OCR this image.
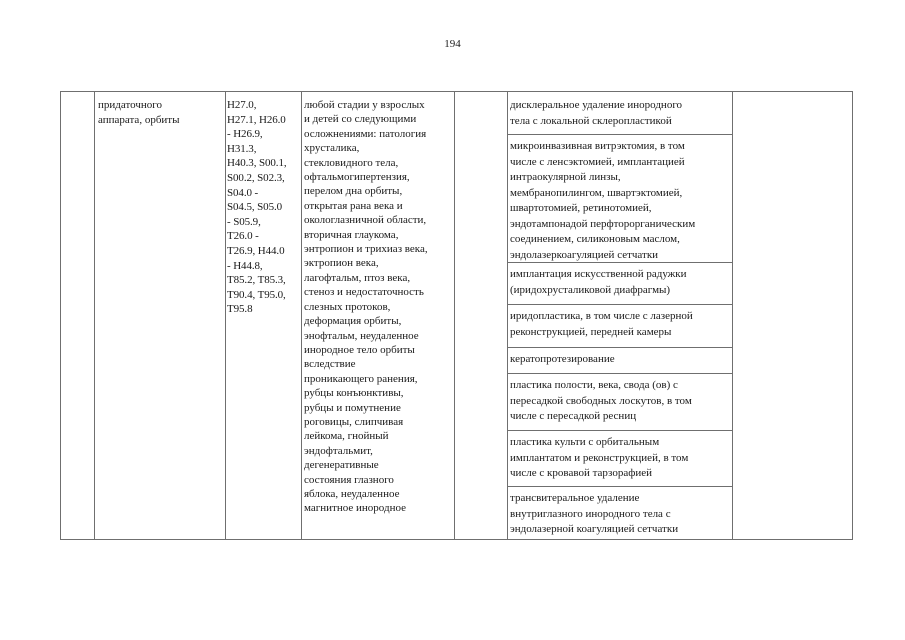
194

придаточного
аппарата, орбиты

H27.0,
H27.1, H26.0
- H26.9,
H31.3,
H40.3, S00.1,
S00.2, S02.3,
S04.0 -
S04.5, S05.0
- S05.9,
T26.0 -
T26.9, H44.0
- H44.8,
T85.2, T85.3,
T90.4, T95.0,
T95.8

любой стадии у взрослых
и детей со следующими
осложнениями: патология
хрусталика,
стекловидного тела,
офтальмогипертензия,
перелом дна орбиты,
открытая рана века и
окологлазничной области,
вторичная глаукома,
энтропион и трихиаз века,
эктропион века,
лагофтальм, птоз века,
стеноз и недостаточность
слезных протоков,
деформация орбиты,
энофтальм, неудаленное
инородное тело орбиты
вследствие
проникающего ранения,
рубцы конъюнктивы,
рубцы и помутнение
роговицы, слипчивая
лейкома, гнойный
эндофтальмит,
дегенеративные
состояния глазного
яблока, неудаленное
магнитное инородное

дисклеральное удаление инородного
тела с локальной склеропластикой
микроинвазивная витрэктомия, в том
числе с ленсэктомией, имплантацией
интраокулярной линзы,
мембранопилингом, швартэктомией,
швартотомией, ретинотомией,
эндотампонадой перфторорганическим
соединением, силиконовым маслом,
эндолазеркоагуляцией сетчатки
имплантация искусственной радужки
(иридохрусталиковой диафрагмы)
иридопластика, в том числе с лазерной
реконструкцией, передней камеры
кератопротезирование
пластика полости, века, свода (ов) с
пересадкой свободных лоскутов, в том
числе с пересадкой ресниц
пластика культи с орбитальным
имплантатом и реконструкцией, в том
числе с кровавой тарзорафией
трансвитеральное удаление
внутриглазного инородного тела с
эндолазерной коагуляцией сетчатки
